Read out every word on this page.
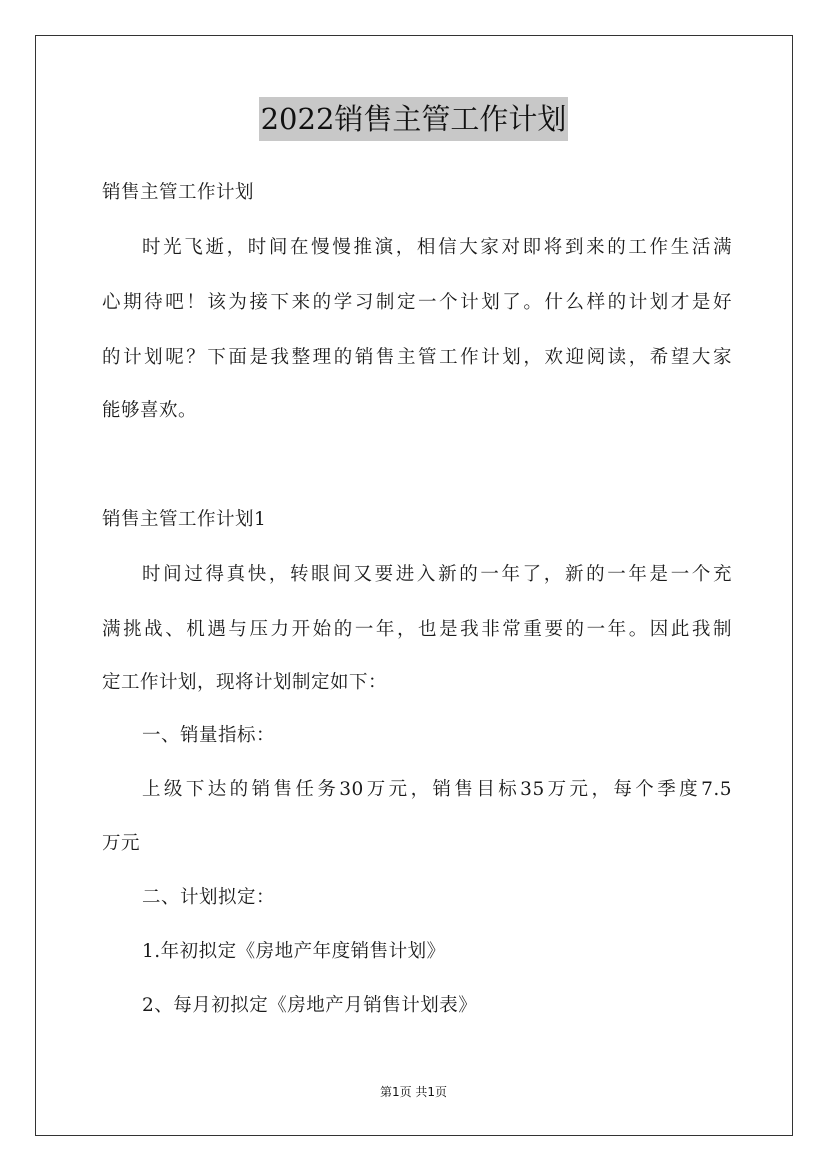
2022销售主管工作计划
销售主管工作计划
时光飞逝，时间在慢慢推演，相信大家对即将到来的工作生活满
心期待吧！该为接下来的学习制定一个计划了。什么样的计划才是好
的计划呢？下面是我整理的销售主管工作计划，欢迎阅读，希望大家
能够喜欢。
销售主管工作计划1
时间过得真快，转眼间又要进入新的一年了，新的一年是一个充
满挑战、机遇与压力开始的一年，也是我非常重要的一年。因此我制
定工作计划，现将计划制定如下：
一、销量指标：
上级下达的销售任务30万元，销售目标35万元，每个季度7.5
万元
二、计划拟定：
1.年初拟定《房地产年度销售计划》
2、每月初拟定《房地产月销售计划表》
第1页 共1页
